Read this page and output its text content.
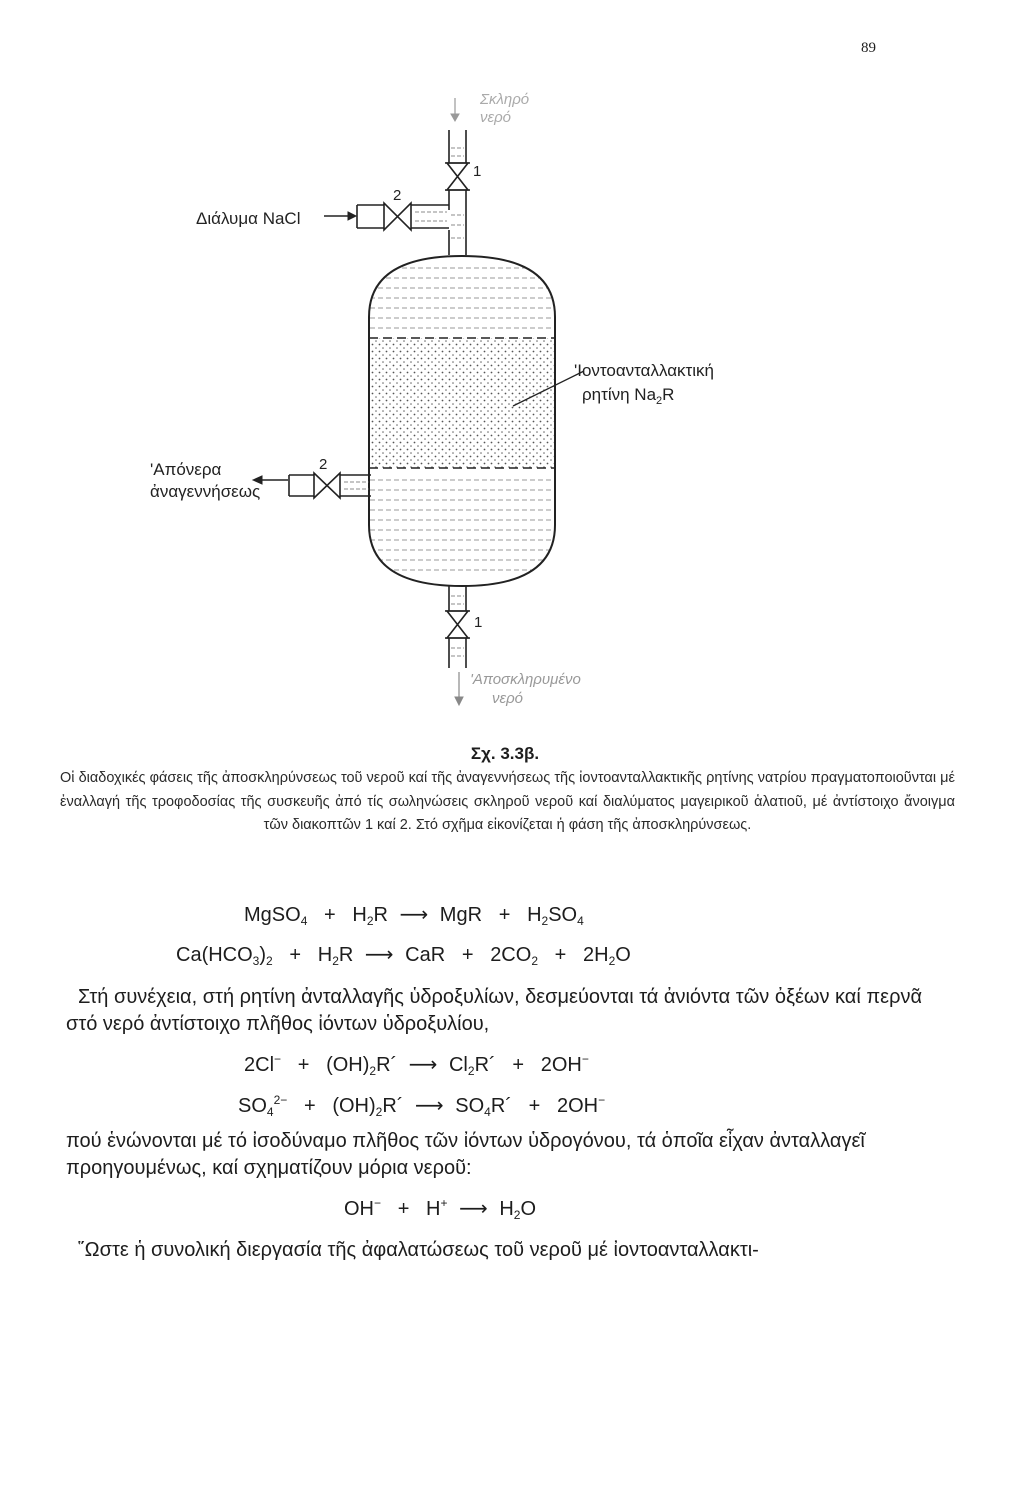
89
Σκληρό
νερό
1
Διάλυμα NaCl
2
'Ιοντοανταλλακτική
ρητίνη $Na_2R$
2
'Απόνερα
ἀναγεννήσεως
1
'Αποσκληρυμένο
νερό
Σχ. 3.3β.
Οἱ διαδοχικές φάσεις τῆς ἀποσκληρύνσεως τοῦ νεροῦ καί τῆς ἀναγεννήσεως τῆς ἰοντοανταλλακτικῆς ρητίνης νατρίου πραγματοποιοῦνται μέ ἐναλλαγή τῆς τροφοδοσίας τῆς συσκευῆς ἀπό τίς σωληνώσεις σκληροῦ νεροῦ καί διαλύματος μαγειρικοῦ ἁλατιοῦ, μέ ἀντίστοιχο ἄνοιγμα τῶν διακοπτῶν 1 καί 2. Στό σχῆμα εἰκονίζεται ἡ φάση τῆς ἀποσκληρύνσεως.
MgSO$_4$ + $H_2R$ ⟶ MgR + $H_2SO_4$
$Ca(HCO_3)_2 + H_2R$ ⟶ CaR + $2CO_2 + 2H_2O$
Στή συνέχεια, στή ρητίνη ἀνταλλαγῆς ὑδροξυλίων, δεσμεύονται τά ἀνιόντα τῶν ὀξέων καί περνᾶ στό νερό ἀντίστοιχο πλῆθος ἰόντων ὑδροξυλίου,
$2Cl^- + (OH)_2R´$ ⟶ $Cl_2R´ + 2OH^-$
$SO_4^{2-}$ + $(OH)_2R´$ ⟶ $SO_4R´ + 2OH^-$
πού ἑνώνονται μέ τό ἰσοδύναμο πλῆθος τῶν ἰόντων ὑδρογόνου, τά ὁποῖα εἶχαν ἀνταλλαγεῖ προηγουμένως, καί σχηματίζουν μόρια νεροῦ:
OH− + H+ ⟶ $H_2O$
῞Ωστε ἡ συνολική διεργασία τῆς ἀφαλατώσεως τοῦ νεροῦ μέ ἰοντοανταλλακτι-
